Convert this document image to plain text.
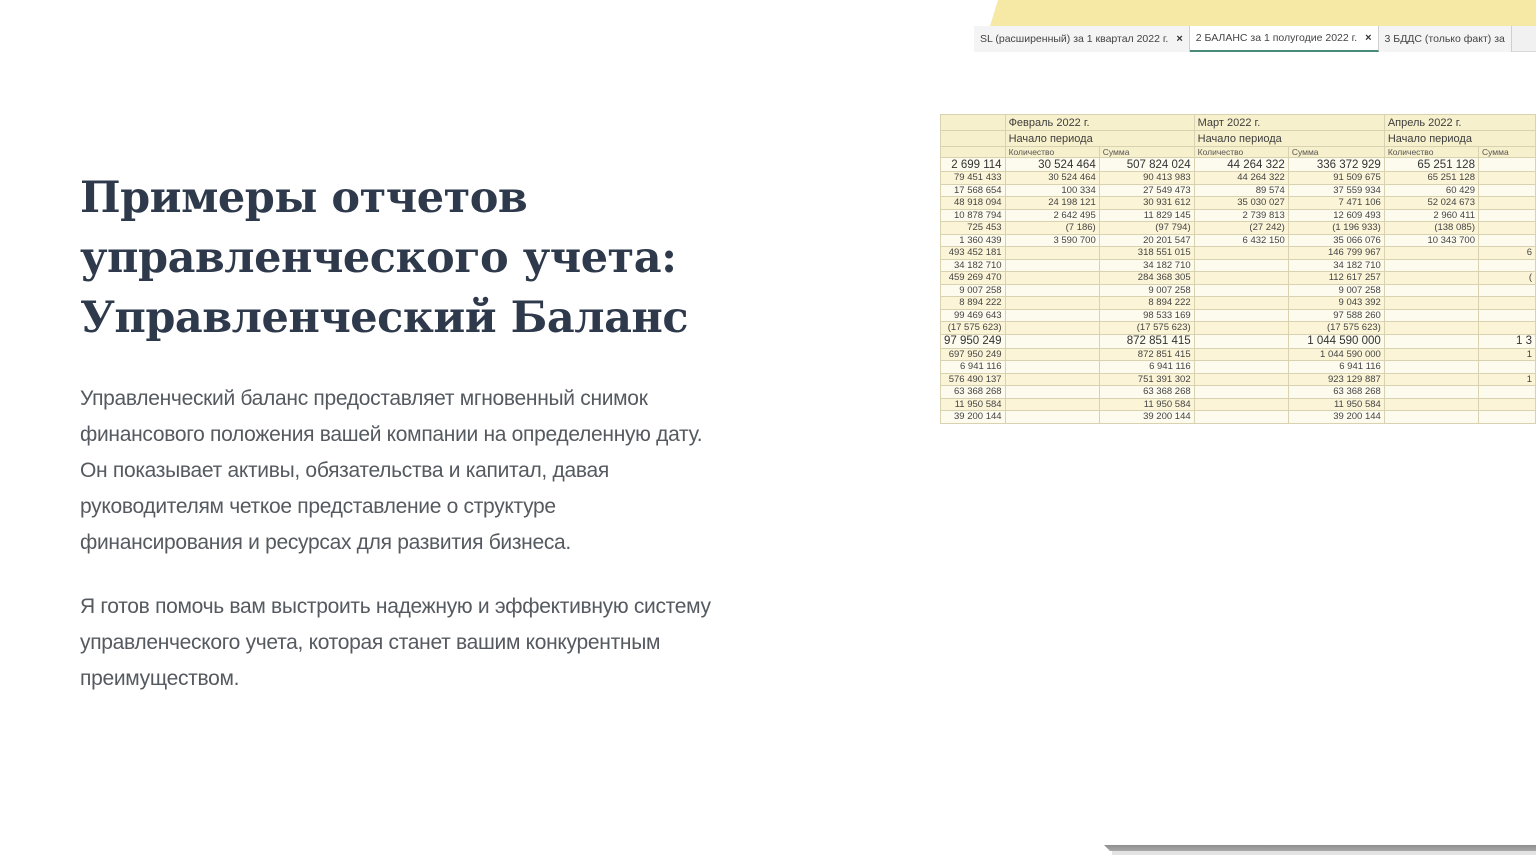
Примеры отчетов
управленческого учета:
Управленческий Баланс
Управленческий баланс предоставляет мгновенный снимок
финансового положения вашей компании на определенную дату.
Он показывает активы, обязательства и капитал, давая
руководителям четкое представление о структуре
финансирования и ресурсах для развития бизнеса.
Я готов помочь вам выстроить надежную и эффективную систему
управленческого учета, которая станет вашим конкурентным
преимуществом.
SL (расширенный) за 1 квартал 2022 г. × 2 БАЛАНС за 1 полугодие 2022 г. × 3 БДДС (только факт) за
	Февраль 2022 г.		Март 2022 г.		Апрель 2022 г.	
	Начало периода		Начало периода		Начало периода	
	Количество	Сумма	Количество	Сумма	Количество	Сумма
2 699 114	30 524 464	507 824 024	44 264 322	336 372 929	65 251 128	
79 451 433	30 524 464	90 413 983	44 264 322	91 509 675	65 251 128	
17 568 654	100 334	27 549 473	89 574	37 559 934	60 429	
48 918 094	24 198 121	30 931 612	35 030 027	7 471 106	52 024 673	
10 878 794	2 642 495	11 829 145	2 739 813	12 609 493	2 960 411	
725 453	(7 186)	(97 794)	(27 242)	(1 196 933)	(138 085)	
1 360 439	3 590 700	20 201 547	6 432 150	35 066 076	10 343 700	
493 452 181		318 551 015		146 799 967		6
34 182 710		34 182 710		34 182 710		
459 269 470		284 368 305		112 617 257		(
9 007 258		9 007 258		9 007 258		
8 894 222		8 894 222		9 043 392		
99 469 643		98 533 169		97 588 260		
(17 575 623)		(17 575 623)		(17 575 623)		
97 950 249		872 851 415		1 044 590 000		1 3
697 950 249		872 851 415		1 044 590 000		1
6 941 116		6 941 116		6 941 116		
576 490 137		751 391 302		923 129 887		1
63 368 268		63 368 268		63 368 268		
11 950 584		11 950 584		11 950 584		
39 200 144		39 200 144		39 200 144		
